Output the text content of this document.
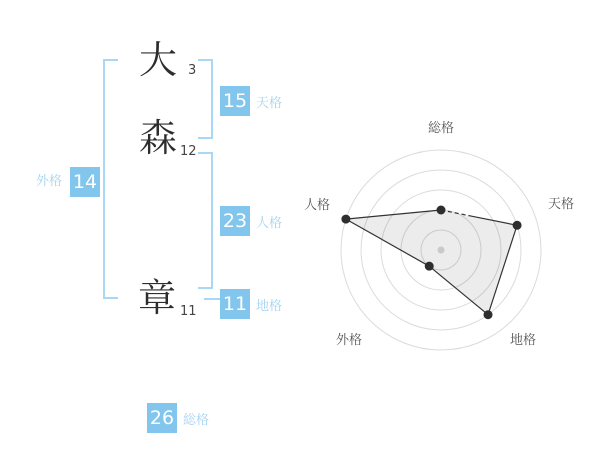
大 3
森 12
章 11
外格 14
15 天格
23 人格
11 地格
26 総格
総格
天格
地格
外格
人格
